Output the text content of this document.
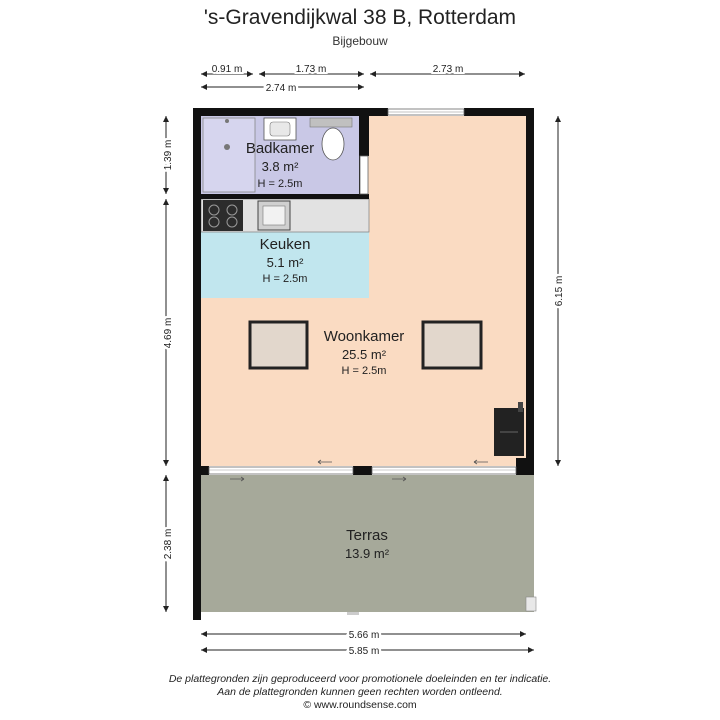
's-Gravendijkwal 38 B, Rotterdam
Bijgebouw
Badkamer
3.8 m²
H = 2.5m
Keuken
5.1 m²
H = 2.5m
Woonkamer
25.5 m²
H = 2.5m
Terras
13.9 m²
0.91 m	1.73 m	2.73 m
2.74 m
1.39 m
4.69 m
2.38 m
6.15 m
5.66 m
5.85 m
De plattegronden zijn geproduceerd voor promotionele doeleinden en ter indicatie.
Aan de plattegronden kunnen geen rechten worden ontleend.
© www.roundsense.com
